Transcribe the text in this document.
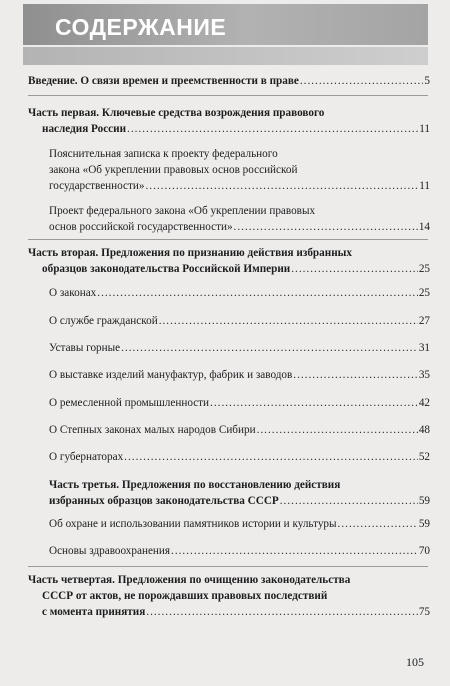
СОДЕРЖАНИЕ
Введение. О связи времен и преемственности в праве .....	5
Часть первая. Ключевые средства возрождения правового
наследия России .....	11
Пояснительная записка к проекту федерального
закона «Об укреплении правовых основ российской
государственности» .....	11
Проект федерального закона «Об укреплении правовых
основ российской государственности» .....	14
Часть вторая. Предложения по признанию действия избранных
образцов законодательства Российской Империи .....	25
О законах .....	25
О службе гражданской .....	27
Уставы горные .....	31
О выставке изделий мануфактур, фабрик и заводов .....	35
О ремесленной промышленности .....	42
О Степных законах малых народов Сибири .....	48
О губернаторах .....	52
Часть третья. Предложения по восстановлению действия
избранных образцов законодательства СССР .....	59
Об охране и использовании памятников истории и культуры .....	59
Основы здравоохранения .....	70
Часть четвертая. Предложения по очищению законодательства
СССР от актов, не порождавших правовых последствий
с момента принятия .....	75
105
